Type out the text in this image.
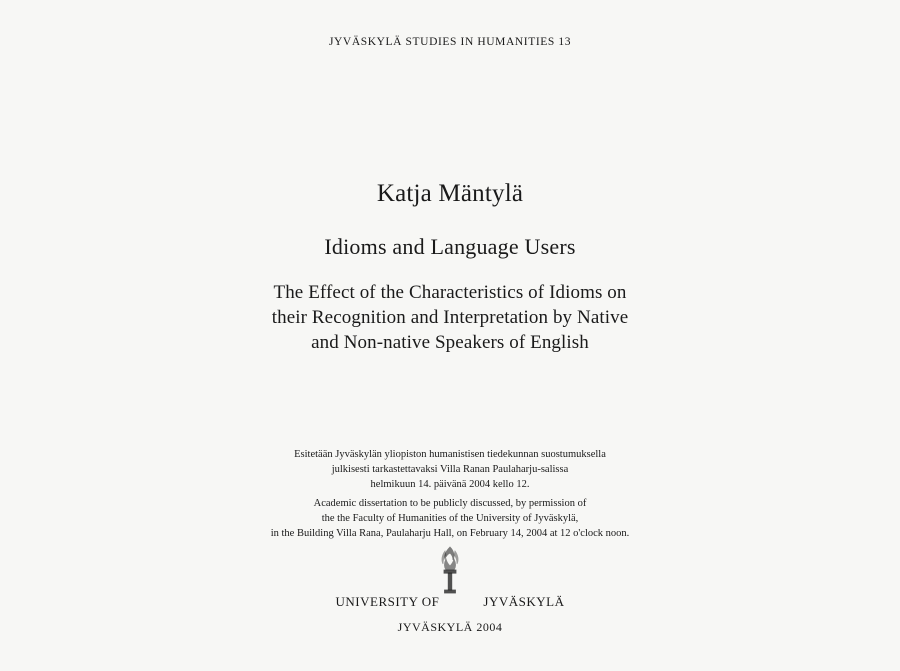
JYVÄSKYLÄ STUDIES IN HUMANITIES 13
Katja Mäntylä
Idioms and Language Users
The Effect of the Characteristics of Idioms on
their Recognition and Interpretation by Native
and Non-native Speakers of English
Esitetään Jyväskylän yliopiston humanistisen tiedekunnan suostumuksella
julkisesti tarkastettavaksi Villa Ranan Paulaharju-salissa
helmikuun 14. päivänä 2004 kello 12.
Academic dissertation to be publicly discussed, by permission of
the the Faculty of Humanities of the University of Jyväskylä,
in the Building Villa Rana, Paulaharju Hall, on February 14, 2004 at 12 o'clock noon.
UNIVERSITY OF	JYVÄSKYLÄ
JYVÄSKYLÄ 2004
